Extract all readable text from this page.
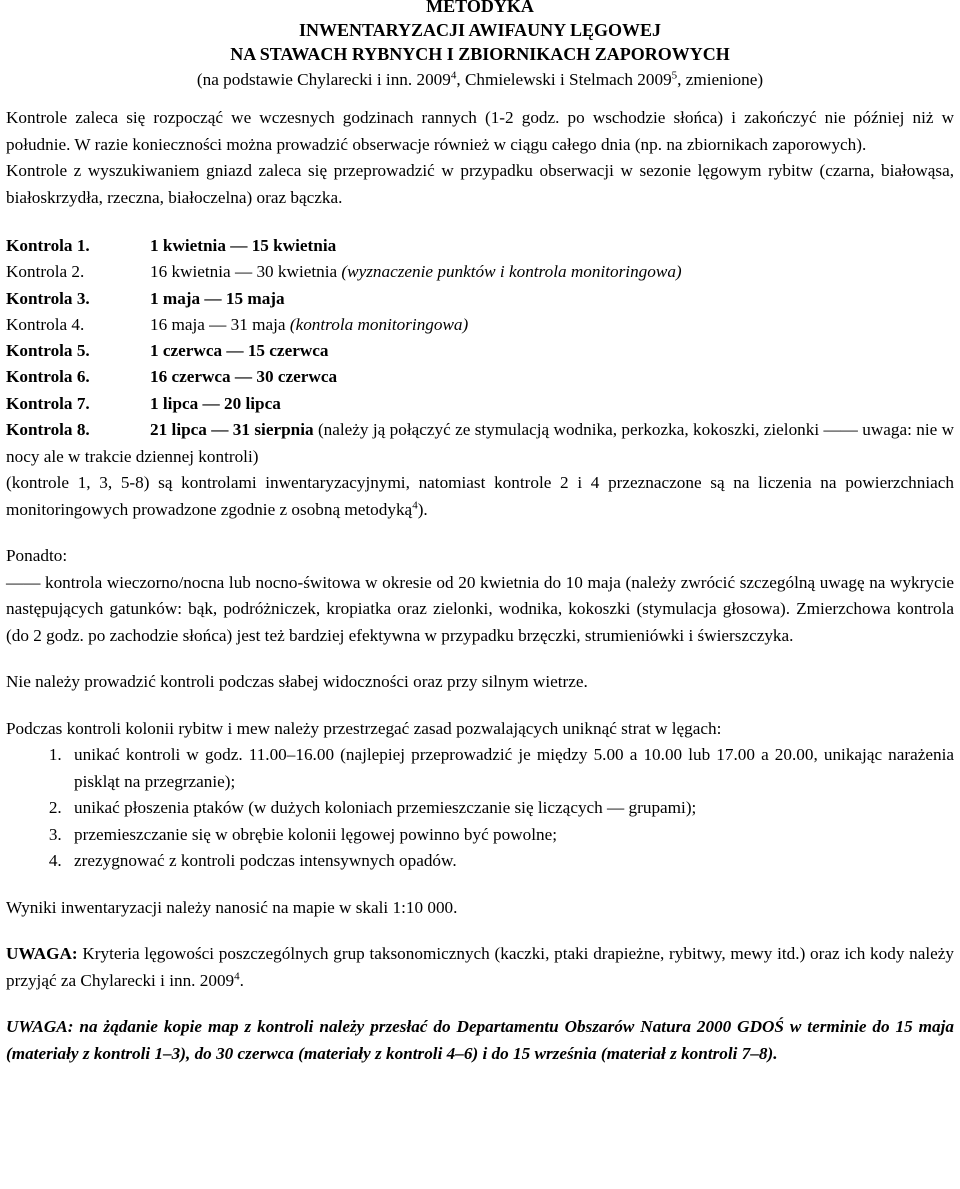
METODYKA
INWENTARYZACJI AWIFAUNY LĘGOWEJ
NA STAWACH RYBNYCH I ZBIORNIKACH ZAPOROWYCH
(na podstawie Chylarecki i inn. 2009$^4$, Chmielewski i Stelmach 2009$^5$, zmienione)

Kontrole zaleca się rozpocząć we wczesnych godzinach rannych (1-2 godz. po wschodzie słońca) i zakończyć nie później niż w południe. W razie konieczności można prowadzić obserwacje również w ciągu całego dnia (np. na zbiornikach zaporowych).

Kontrole z wyszukiwaniem gniazd zaleca się przeprowadzić w przypadku obserwacji w sezonie lęgowym rybitw (czarna, białowąsa, białoskrzydła, rzeczna, białoczelna) oraz bączka.

Kontrola 1.	1 kwietnia — 15 kwietnia
Kontrola 2.	16 kwietnia — 30 kwietnia (wyznaczenie punktów i kontrola monitoringowa)
Kontrola 3.	1 maja — 15 maja
Kontrola 4.	16 maja — 31 maja (kontrola monitoringowa)
Kontrola 5.	1 czerwca — 15 czerwca
Kontrola 6.	16 czerwca — 30 czerwca
Kontrola 7.	1 lipca — 20 lipca
Kontrola 8.	21 lipca — 31 sierpnia (należy ją połączyć ze stymulacją wodnika, perkozka, kokoszki, zielonki —— uwaga: nie w nocy ale w trakcie dziennej kontroli)

(kontrole 1, 3, 5-8) są kontrolami inwentaryzacyjnymi, natomiast kontrole 2 i 4 przeznaczone są na liczenia na powierzchniach monitoringowych prowadzone zgodnie z osobną metodyką$^4$).

Ponadto:

—— kontrola wieczorno/nocna lub nocno-świtowa w okresie od 20 kwietnia do 10 maja (należy zwrócić szczególną uwagę na wykrycie następujących gatunków: bąk, podróżniczek, kropiatka oraz zielonki, wodnika, kokoszki (stymulacja głosowa). Zmierzchowa kontrola (do 2 godz. po zachodzie słońca) jest też bardziej efektywna w przypadku brzęczki, strumieniówki i świerszczyka.

Nie należy prowadzić kontroli podczas słabej widoczności oraz przy silnym wietrze.

Podczas kontroli kolonii rybitw i mew należy przestrzegać zasad pozwalających uniknąć strat w lęgach:

1. unikać kontroli w godz. 11.00–16.00 (najlepiej przeprowadzić je między 5.00 a 10.00 lub 17.00 a 20.00, unikając narażenia piskląt na przegrzanie);
2. unikać płoszenia ptaków (w dużych koloniach przemieszczanie się liczących — grupami);
3. przemieszczanie się w obrębie kolonii lęgowej powinno być powolne;
4. zrezygnować z kontroli podczas intensywnych opadów.

Wyniki inwentaryzacji należy nanosić na mapie w skali 1:10 000.

UWAGA: Kryteria lęgowości poszczególnych grup taksonomicznych (kaczki, ptaki drapieżne, rybitwy, mewy itd.) oraz ich kody należy przyjąć za Chylarecki i inn. 2009$^4$.

UWAGA: na żądanie kopie map z kontroli należy przesłać do Departamentu Obszarów Natura 2000 GDOŚ w terminie do 15 maja (materiały z kontroli 1–3), do 30 czerwca (materiały z kontroli 4–6) i do 15 września (materiał z kontroli 7–8).
